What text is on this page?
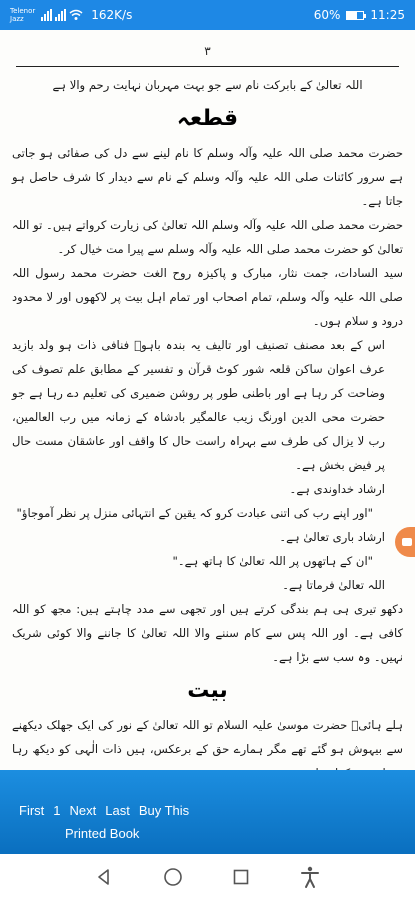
Telenor
Jazz	162K/s	60%	11:25
۳

اللہ تعالیٰ کے بابرکت نام سے جو بہت مہربان نہایت رحم والا ہے

قطعہ

حضرت محمد صلی اللہ علیہ وآلہ وسلم کا نام لینے سے دل کی صفائی ہو جاتی ہے سرور کائنات صلی اللہ علیہ وآلہ وسلم کے نام سے دیدار کا شرف حاصل ہو جاتا ہے۔

حضرت محمد صلی اللہ علیہ وآلہ وسلم اللہ تعالیٰ کی زیارت کرواتے ہیں۔ تو اللہ تعالیٰ کو حضرت محمد صلی اللہ علیہ وآلہ وسلم سے پیرا مت خیال کر۔

سید السادات، جمت نثار، مبارک و پاکیزہ روح الغت حضرت محمد رسول اللہ صلی اللہ علیہ وآلہ وسلم، تمام اصحاب اور تمام اہل بیت پر لاکھوں اور لا محدود درود و سلام ہوں۔

اس کے بعد مصنف تصنیف اور تالیف یہ بندہ باہوؒ فنافی ذات ہو ولد بازید عرف اعوان ساکن قلعہ شور کوٹ قرآن و تفسیر کے مطابق علم تصوف کی وضاحت کر رہا ہے اور باطنی طور پر روشن ضمیری کی تعلیم دے رہا ہے جو حضرت محی الدین اورنگ زیب عالمگیر بادشاہ کے زمانہ میں رب العالمین، رب لا یزال کی طرف سے بہراہ راست حال کا واقف اور عاشقان مست حال پر فیض بخش ہے۔

ارشاد خداوندی ہے۔

"اور اپنے رب کی اتنی عبادت کرو کہ یقین کے انتہائی منزل پر نظر آموجاؤ"

ارشاد باری تعالیٰ ہے۔

"ان کے ہاتھوں پر اللہ تعالیٰ کا ہاتھ ہے۔"

اللہ تعالیٰ فرماتا ہے۔

دکھو تیری ہی ہم بندگی کرتے ہیں اور تجھی سے مدد چاہتے ہیں: مجھ کو اللہ کافی ہے۔ اور اللہ پس سے کام سننے والا اللہ تعالیٰ کا جاننے والا کوئی شریک نہیں۔ وہ سب سے بڑا ہے۔

بیت

ہلے ہائیؒ حضرت موسیٰ علیہ السلام تو اللہ تعالیٰ کے نور کی ایک جھلک دیکھنے سے بیہوش ہو گئے تھے مگر ہمارے حق کے برعکس، ہیں ذات الٰہی کو دیکھ رہا

First 1 Next Last Buy This
Printed Book
